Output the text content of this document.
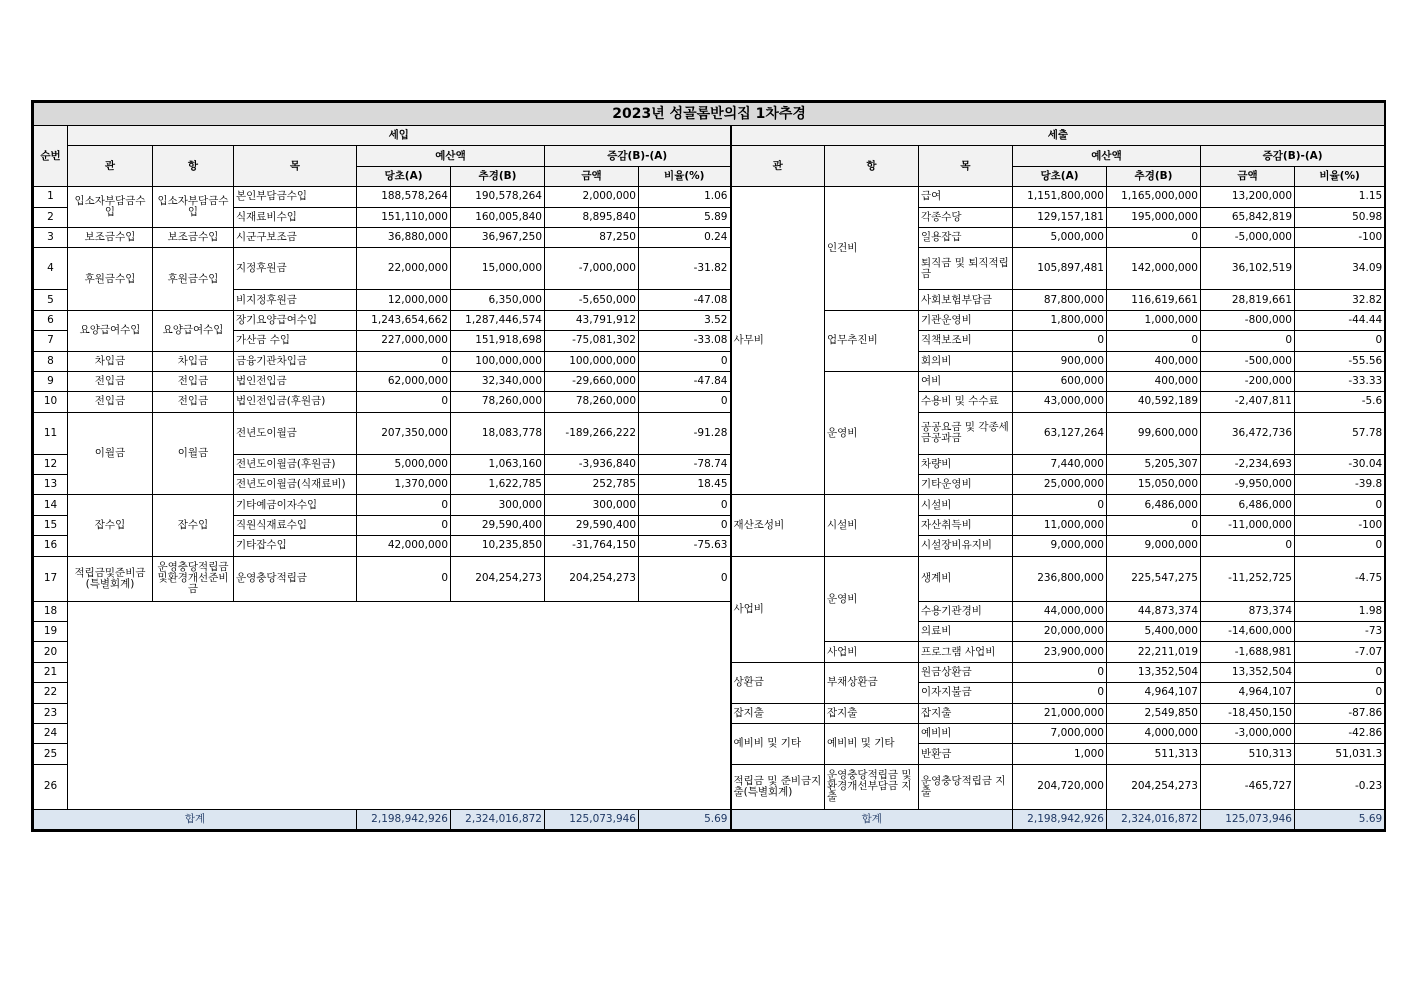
2023년 성골롬반의집 1차추경														
순번	세입							세출						
	관	항	목	예산액		증감(B)-(A)		관	항	목	예산액		증감(B)-(A)	
				당초(A)	추경(B)	금액	비율(%)				당초(A)	추경(B)	금액	비율(%)
1	입소자부담금수입	입소자부담금수입	본인부담금수입	188,578,264	190,578,264	2,000,000	1.06	사무비	인건비	급여	1,151,800,000	1,165,000,000	13,200,000	1.15
2			식재료비수입	151,110,000	160,005,840	8,895,840	5.89			각종수당	129,157,181	195,000,000	65,842,819	50.98
3	보조금수입	보조금수입	시군구보조금	36,880,000	36,967,250	87,250	0.24			일용잡급	5,000,000	0	-5,000,000	-100
4	후원금수입	후원금수입	지정후원금	22,000,000	15,000,000	-7,000,000	-31.82			퇴직금 및 퇴직적립금	105,897,481	142,000,000	36,102,519	34.09
5			비지정후원금	12,000,000	6,350,000	-5,650,000	-47.08			사회보험부담금	87,800,000	116,619,661	28,819,661	32.82
6	요양급여수입	요양급여수입	장기요양급여수입	1,243,654,662	1,287,446,574	43,791,912	3.52		업무추진비	기관운영비	1,800,000	1,000,000	-800,000	-44.44
7			가산금 수입	227,000,000	151,918,698	-75,081,302	-33.08			직책보조비	0	0	0	0
8	차입금	차입금	금융기관차입금	0	100,000,000	100,000,000	0			회의비	900,000	400,000	-500,000	-55.56
9	전입금	전입금	법인전입금	62,000,000	32,340,000	-29,660,000	-47.84		운영비	여비	600,000	400,000	-200,000	-33.33
10	전입금	전입금	법인전입금(후원금)	0	78,260,000	78,260,000	0			수용비 및 수수료	43,000,000	40,592,189	-2,407,811	-5.6
11	이월금	이월금	전년도이월금	207,350,000	18,083,778	-189,266,222	-91.28			공공요금 및 각종세금공과금	63,127,264	99,600,000	36,472,736	57.78
12			전년도이월금(후원금)	5,000,000	1,063,160	-3,936,840	-78.74			차량비	7,440,000	5,205,307	-2,234,693	-30.04
13			전년도이월금(식재료비)	1,370,000	1,622,785	252,785	18.45			기타운영비	25,000,000	15,050,000	-9,950,000	-39.8
14	잡수입	잡수입	기타예금이자수입	0	300,000	300,000	0	재산조성비	시설비	시설비	0	6,486,000	6,486,000	0
15			직원식재료수입	0	29,590,400	29,590,400	0			자산취득비	11,000,000	0	-11,000,000	-100
16			기타잡수입	42,000,000	10,235,850	-31,764,150	-75.63			시설장비유지비	9,000,000	9,000,000	0	0
17	적립금및준비금(특별회계)	운영충당적립금및환경개선준비금	운영충당적립금	0	204,254,273	204,254,273	0	사업비	운영비	생계비	236,800,000	225,547,275	-11,252,725	-4.75
18										수용기관경비	44,000,000	44,873,374	873,374	1.98
19										의료비	20,000,000	5,400,000	-14,600,000	-73
20									사업비	프로그램 사업비	23,900,000	22,211,019	-1,688,981	-7.07
21								상환금	부채상환금	원금상환금	0	13,352,504	13,352,504	0
22										이자지불금	0	4,964,107	4,964,107	0
23								잡지출	잡지출	잡지출	21,000,000	2,549,850	-18,450,150	-87.86
24								예비비 및 기타	예비비 및 기타	예비비	7,000,000	4,000,000	-3,000,000	-42.86
25										반환금	1,000	511,313	510,313	51,031.3
26								적립금 및 준비금지출(특별회계)	운영충당적립금 및 환경개선부담금 지출	운영충당적립금 지출	204,720,000	204,254,273	-465,727	-0.23
합계				2,198,942,926	2,324,016,872	125,073,946	5.69	합계			2,198,942,926	2,324,016,872	125,073,946	5.69
